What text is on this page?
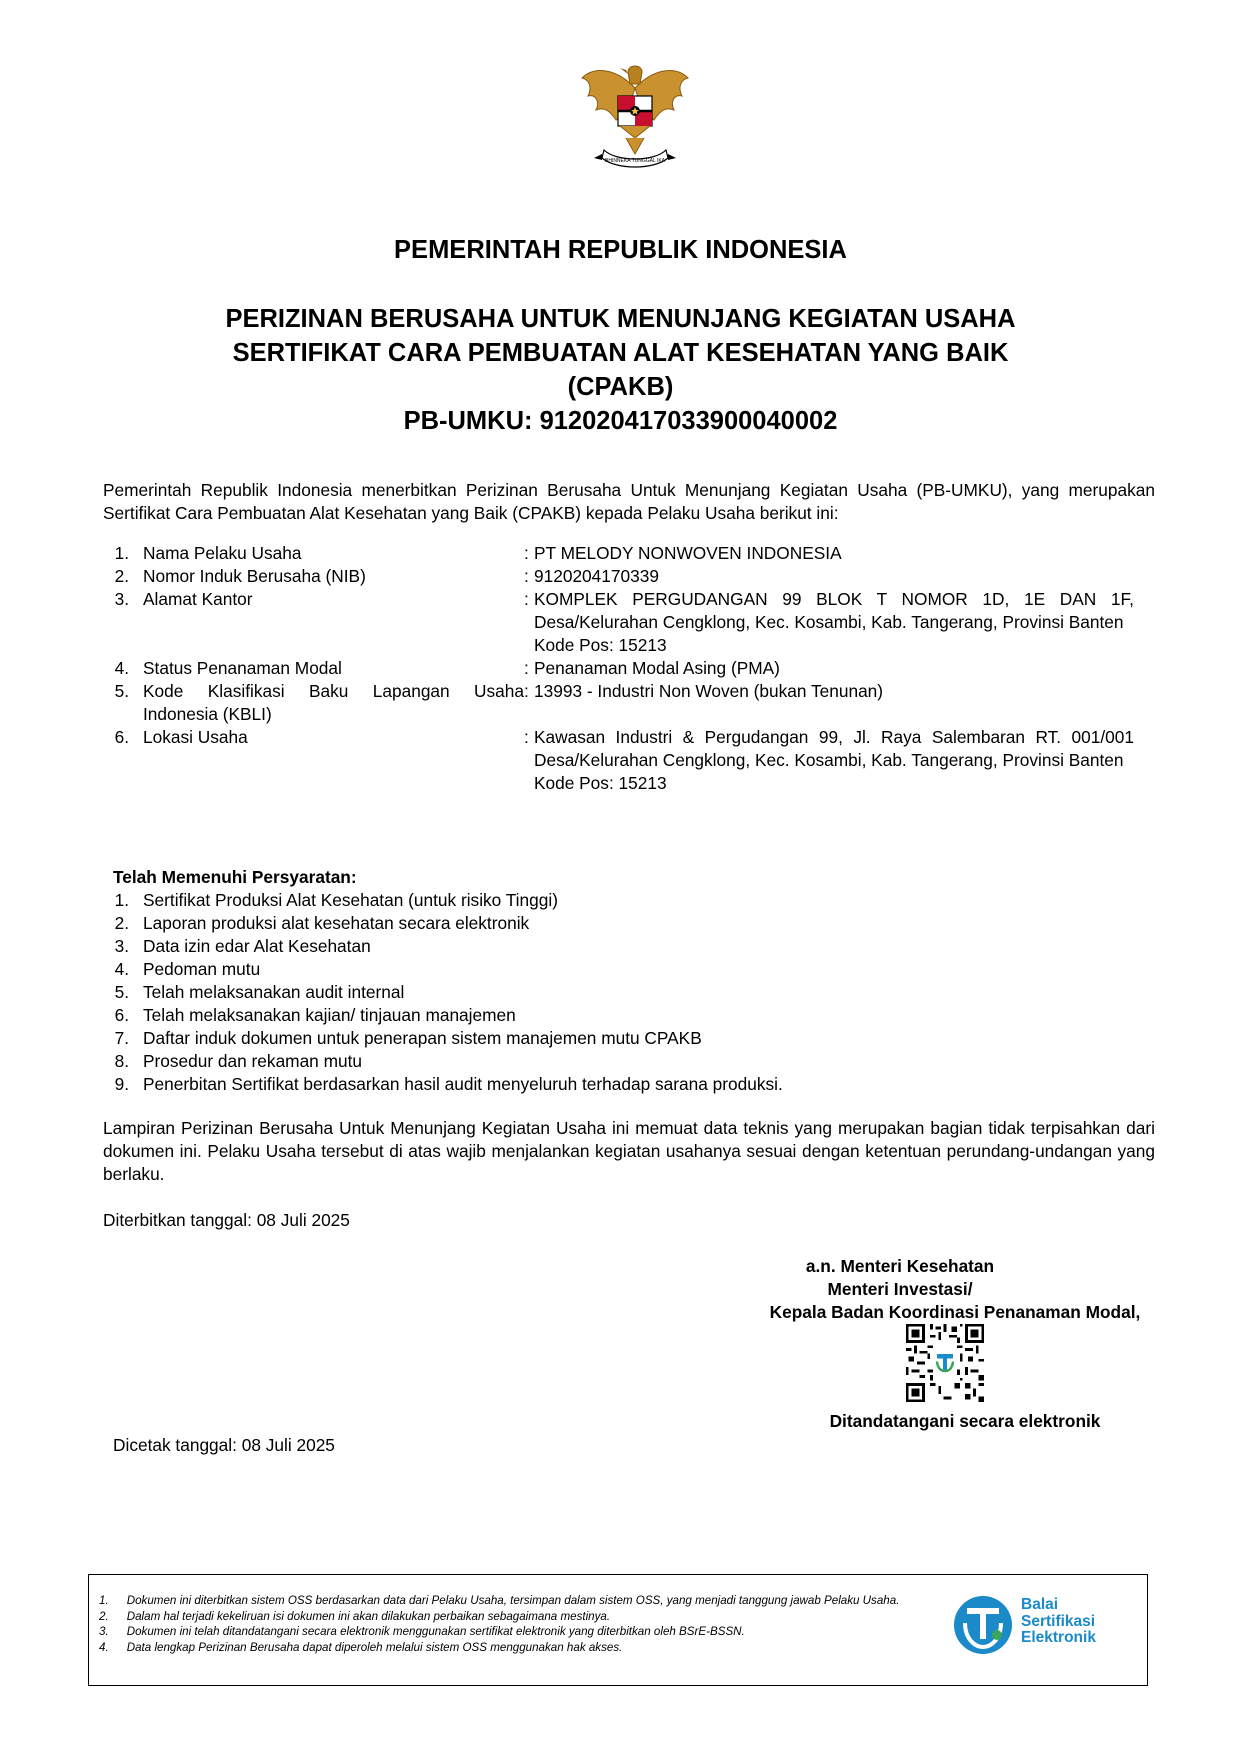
BHINNEKA TUNGGAL IKA
PEMERINTAH REPUBLIK INDONESIA
PERIZINAN BERUSAHA UNTUK MENUNJANG KEGIATAN USAHA
SERTIFIKAT CARA PEMBUATAN ALAT KESEHATAN YANG BAIK
(CPAKB)
PB-UMKU: 912020417033900040002
Pemerintah Republik Indonesia menerbitkan Perizinan Berusaha Untuk Menunjang Kegiatan Usaha (PB-UMKU), yang merupakan Sertifikat Cara Pembuatan Alat Kesehatan yang Baik (CPAKB) kepada Pelaku Usaha berikut ini:
1. Nama Pelaku Usaha	: PT MELODY NONWOVEN INDONESIA
2. Nomor Induk Berusaha (NIB)	: 9120204170339
3. Alamat Kantor	: KOMPLEK PERGUDANGAN 99 BLOK T NOMOR 1D, 1E DAN 1F, Desa/Kelurahan Cengklong, Kec. Kosambi, Kab. Tangerang, Provinsi Banten
Kode Pos: 15213
4. Status Penanaman Modal	: Penanaman Modal Asing (PMA)
5. Kode Klasifikasi Baku Lapangan Usaha Indonesia (KBLI)
: 13993 - Industri Non Woven (bukan Tenunan)
6. Lokasi Usaha	: Kawasan Industri & Pergudangan 99, Jl. Raya Salembaran RT. 001/001 Desa/Kelurahan Cengklong, Kec. Kosambi, Kab. Tangerang, Provinsi Banten
Kode Pos: 15213
Telah Memenuhi Persyaratan:
1. Sertifikat Produksi Alat Kesehatan (untuk risiko Tinggi)
2. Laporan produksi alat kesehatan secara elektronik
3. Data izin edar Alat Kesehatan
4. Pedoman mutu
5. Telah melaksanakan audit internal
6. Telah melaksanakan kajian/ tinjauan manajemen
7. Daftar induk dokumen untuk penerapan sistem manajemen mutu CPAKB
8. Prosedur dan rekaman mutu
9. Penerbitan Sertifikat berdasarkan hasil audit menyeluruh terhadap sarana produksi.
Lampiran Perizinan Berusaha Untuk Menunjang Kegiatan Usaha ini memuat data teknis yang merupakan bagian tidak terpisahkan dari dokumen ini. Pelaku Usaha tersebut di atas wajib menjalankan kegiatan usahanya sesuai dengan ketentuan perundang-undangan yang berlaku.
Diterbitkan tanggal: 08 Juli 2025
a.n. Menteri Kesehatan
Menteri Investasi/
Kepala Badan Koordinasi Penanaman Modal,
Ditandatangani secara elektronik
Dicetak tanggal: 08 Juli 2025
1.	Dokumen ini diterbitkan sistem OSS berdasarkan data dari Pelaku Usaha, tersimpan dalam sistem OSS, yang menjadi tanggung jawab Pelaku Usaha.
2.	Dalam hal terjadi kekeliruan isi dokumen ini akan dilakukan perbaikan sebagaimana mestinya.
3.	Dokumen ini telah ditandatangani secara elektronik menggunakan sertifikat elektronik yang diterbitkan oleh BSrE-BSSN.
4.	Data lengkap Perizinan Berusaha dapat diperoleh melalui sistem OSS menggunakan hak akses.
Balai
Sertifikasi
Elektronik
